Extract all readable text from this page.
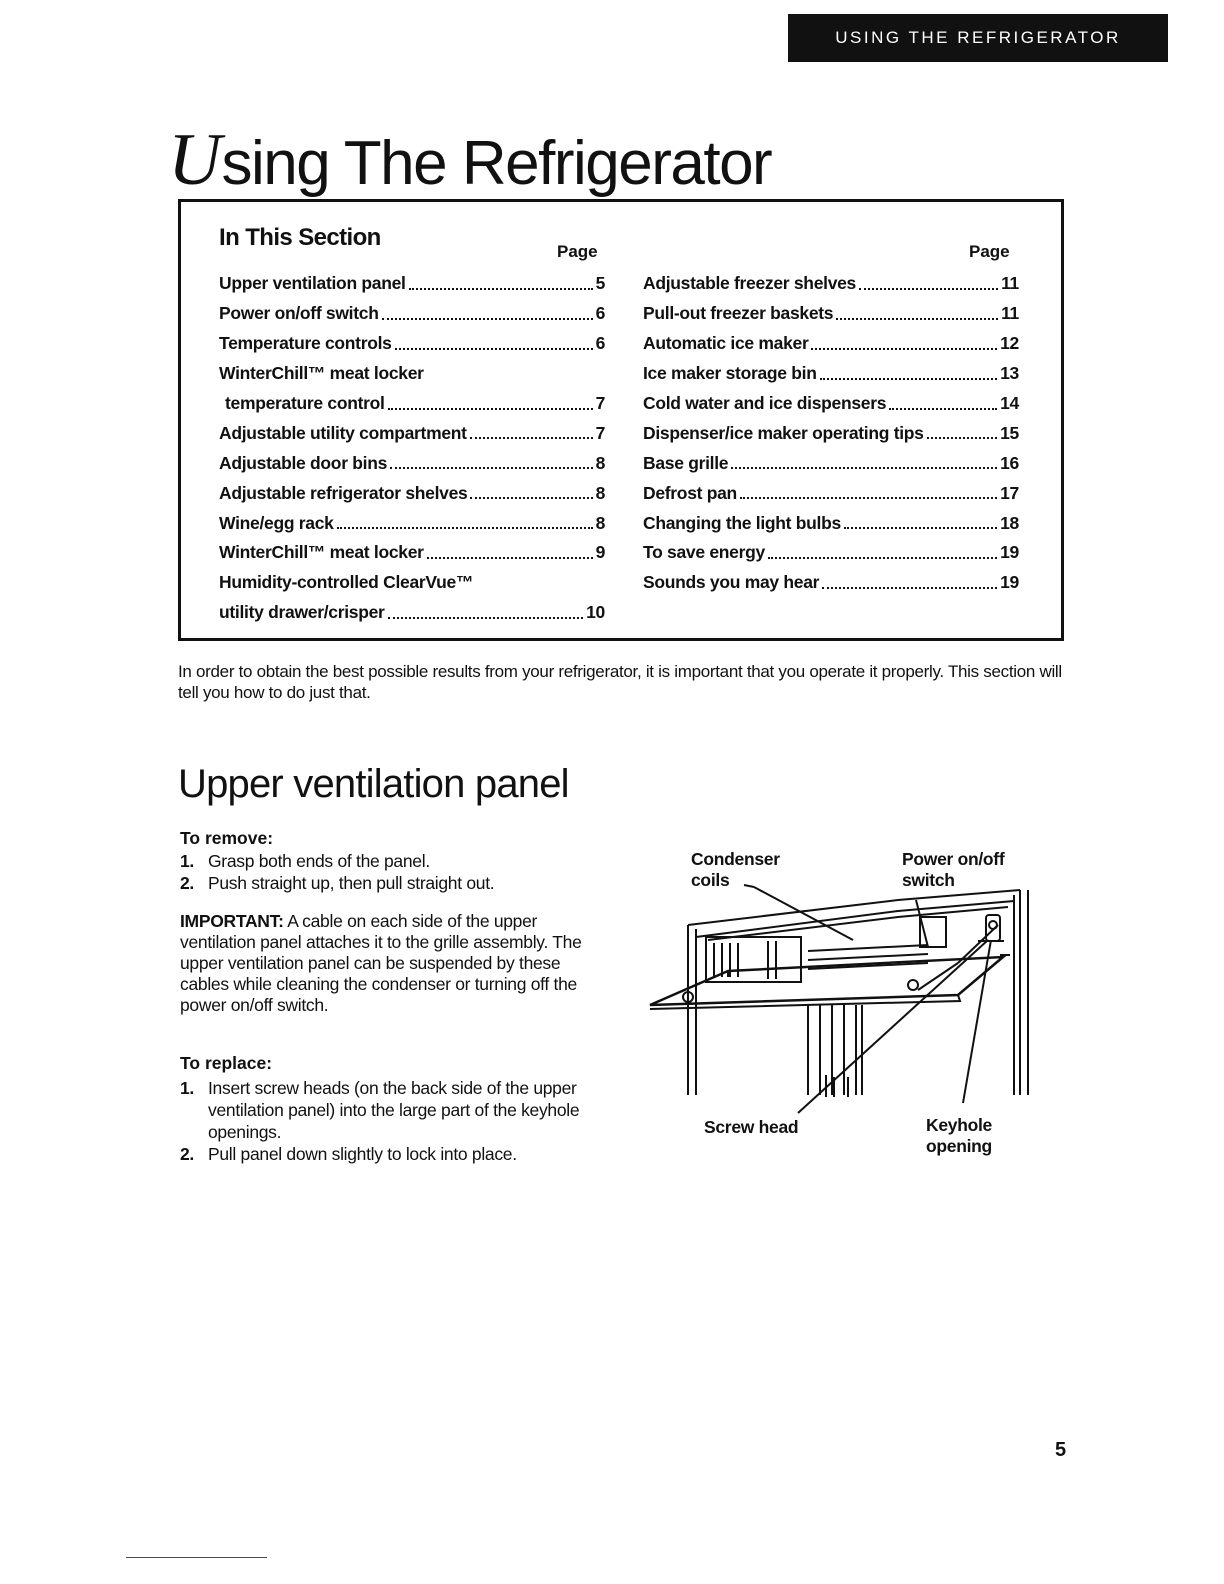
USING THE REFRIGERATOR
Using The Refrigerator
In This Section
Page	Page
Upper ventilation panel	5
Power on/off switch	6
Temperature controls	6
WinterChill™ meat locker
temperature control	7
Adjustable utility compartment	7
Adjustable door bins	8
Adjustable refrigerator shelves	8
Wine/egg rack	8
WinterChill™ meat locker	9
Humidity-controlled ClearVue™
utility drawer/crisper	10
Adjustable freezer shelves	11
Pull-out freezer baskets	11
Automatic ice maker	12
Ice maker storage bin	13
Cold water and ice dispensers	14
Dispenser/ice maker operating tips	15
Base grille	16
Defrost pan	17
Changing the light bulbs	18
To save energy	19
Sounds you may hear	19

In order to obtain the best possible results from your refrigerator, it is important that you operate it properly. This section will tell you how to do just that.

Upper ventilation panel

To remove:

1. Grasp both ends of the panel.
2. Push straight up, then pull straight out.

IMPORTANT: A cable on each side of the upper ventilation panel attaches it to the grille assembly. The upper ventilation panel can be suspended by these cables while cleaning the condenser or turning off the power on/off switch.

To replace:

1. Insert screw heads (on the back side of the upper ventilation panel) into the large part of the keyhole openings.
2. Pull panel down slightly to lock into place.
Condenser
coils
Power on/off
switch
Screw head	Keyhole
opening
5
